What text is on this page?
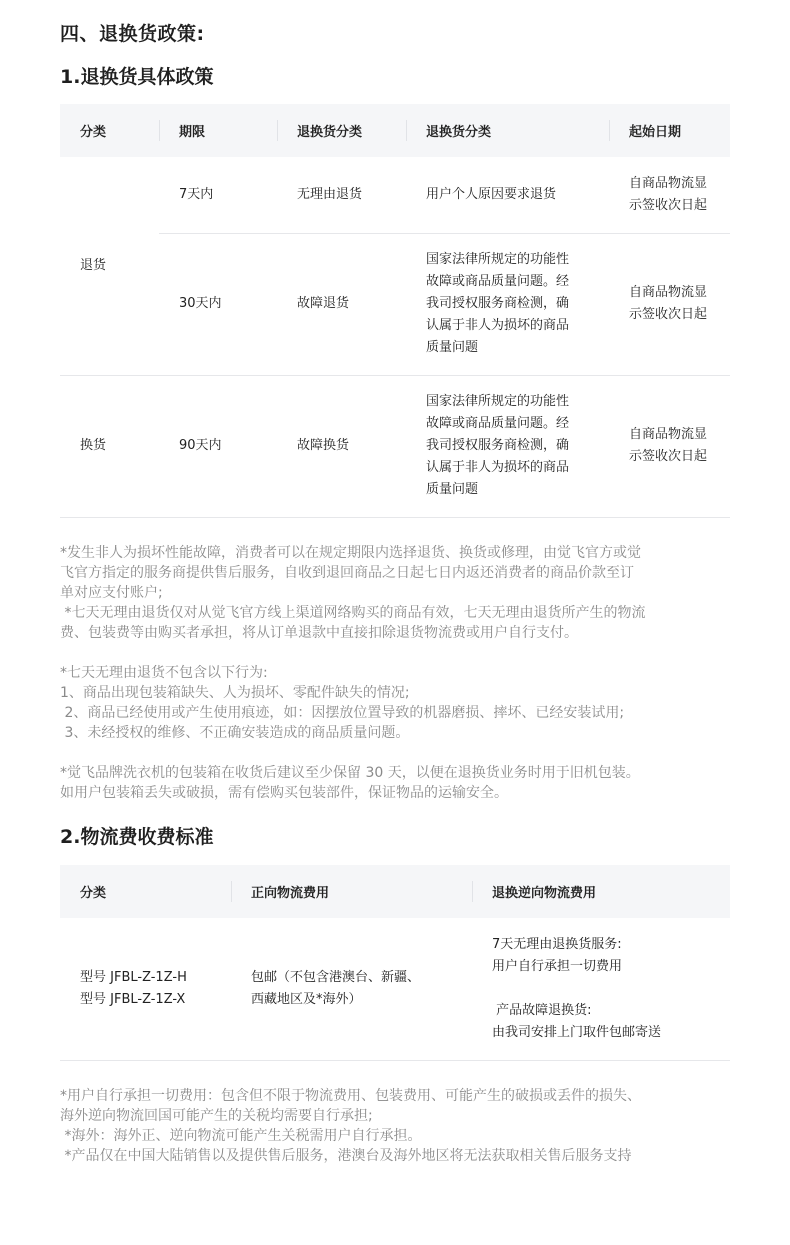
四、退换货政策:
1.退换货具体政策
分类	期限	退换货分类	退换货分类	起始日期
退货	7天内	无理由退货	用户个人原因要求退货	自商品物流显
示签收次日起
	30天内	故障退货	国家法律所规定的功能性
故障或商品质量问题。经
我司授权服务商检测，确
认属于非人为损坏的商品
质量问题	自商品物流显
示签收次日起
换货	90天内	故障换货	国家法律所规定的功能性
故障或商品质量问题。经
我司授权服务商检测，确
认属于非人为损坏的商品
质量问题	自商品物流显
示签收次日起
*发生非人为损坏性能故障，消费者可以在规定期限内选择退货、换货或修理，由觉飞官方或觉
飞官方指定的服务商提供售后服务，自收到退回商品之日起七日内返还消费者的商品价款至订
单对应支付账户;
*七天无理由退货仅对从觉飞官方线上渠道网络购买的商品有效，七天无理由退货所产生的物流
费、包装费等由购买者承担，将从订单退款中直接扣除退货物流费或用户自行支付。

*七天无理由退货不包含以下行为:
1、商品出现包装箱缺失、人为损坏、零配件缺失的情况;
2、商品已经使用或产生使用痕迹，如：因摆放位置导致的机器磨损、摔坏、已经安装试用;
3、未经授权的维修、不正确安装造成的商品质量问题。

*觉飞品牌洗衣机的包装箱在收货后建议至少保留 30 天，以便在退换货业务时用于旧机包装。
如用户包装箱丢失或破损，需有偿购买包装部件，保证物品的运输安全。
2.物流费收费标准
分类	正向物流费用	退换逆向物流费用
型号 JFBL-Z-1Z-H
型号 JFBL-Z-1Z-X	包邮（不包含港澳台、新疆、
西藏地区及*海外）	7天无理由退换货服务:
用户自行承担一切费用

产品故障退换货:
由我司安排上门取件包邮寄送
*用户自行承担一切费用：包含但不限于物流费用、包装费用、可能产生的破损或丢件的损失、
海外逆向物流回国可能产生的关税均需要自行承担;
*海外：海外正、逆向物流可能产生关税需用户自行承担。
*产品仅在中国大陆销售以及提供售后服务，港澳台及海外地区将无法获取相关售后服务支持
